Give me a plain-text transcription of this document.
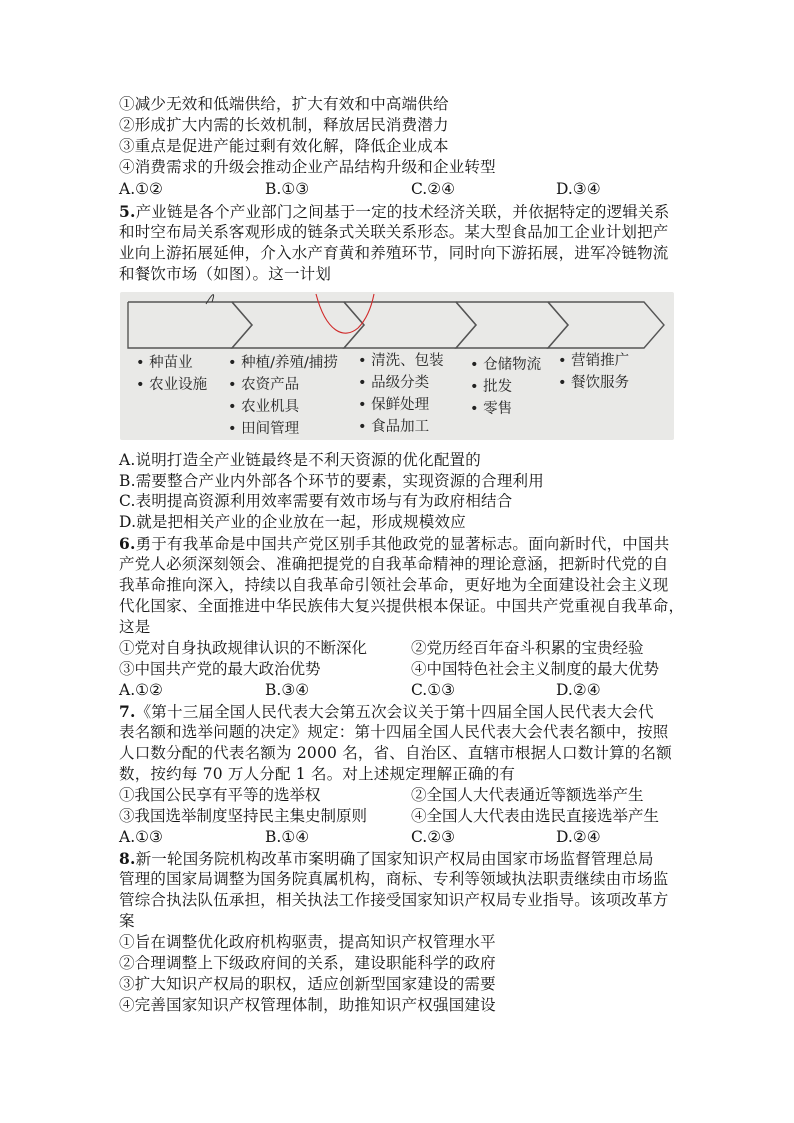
①减少无效和低端供给，扩大有效和中高端供给
②形成扩大内需的长效机制，释放居民消费潜力
③重点是促进产能过剩有效化解，降低企业成本
④消费需求的升级会推动企业产品结构升级和企业转型
A.①②	B.①③	C.②④	D.③④
5.产业链是各个产业部门之间基于一定的技术经济关联，并依据特定的逻辑关系
和时空布局关系客观形成的链条式关联关系形态。某大型食品加工企业计划把产
业向上游拓展延伸，介入水产育黄和养殖环节，同时向下游拓展，进军冷链物流
和餐饮市场（如图）。这一计划
• 种苗业
• 农业设施
• 种植/养殖/捕捞
• 农资产品
• 农业机具
• 田间管理
• 清洗、包装
• 品级分类
• 保鲜处理
• 食品加工
• 仓储物流
• 批发
• 零售
• 营销推广
• 餐饮服务
A.说明打造全产业链最终是不利天资源的优化配置的
B.需要整合产业内外部各个环节的要素，实现资源的合理利用
C.表明提高资源利用效率需要有效市场与有为政府相结合
D.就是把相关产业的企业放在一起，形成规模效应
6.勇于有我革命是中国共产党区别手其他政党的显著标志。面向新时代，中国共
产党人必须深刻领会、准确把提党的自我革命精神的理论意涵，把新时代党的自
我革命推向深入，持续以自我革命引领社会革命，更好地为全面建设社会主义现
代化国家、全面推进中华民族伟大复兴提供根本保证。中国共产党重视自我革命，
这是
①党对自身执政规律认识的不断深化	②党历经百年奋斗积累的宝贵经验
③中国共产党的最大政治优势	④中国特色社会主义制度的最大优势
A.①②	B.③④	C.①③	D.②④
7.《第十三届全国人民代表大会第五次会议关于第十四届全国人民代表大会代
表名额和选举问题的决定》规定：第十四届全国人民代表大会代表名额中，按照
人口数分配的代表名额为 2000 名，省、自治区、直辖市根据人口数计算的名额
数，按约每 70 万人分配 1 名。对上述规定理解正确的有
①我国公民享有平等的选举权	②全国人大代表通近等额选举产生
③我国选举制度坚持民主集史制原则	④全国人大代表由选民直接选举产生
A.①③	B.①④	C.②③	D.②④
8.新一轮国务院机构改革市案明确了国家知识产权局由国家市场监督管理总局
管理的国家局调整为国务院真属机构，商标、专利等领域执法职责继续由市场监
管综合执法队伍承担，相关执法工作接受国家知识产权局专业指导。该项改革方
案
①旨在调整优化政府机构驱责，提高知识产权管理水平
②合理调整上下级政府间的关系，建设职能科学的政府
③扩大知识产权局的职权，适应创新型国家建设的需要
④完善国家知识产权管理体制，助推知识产权强国建设
